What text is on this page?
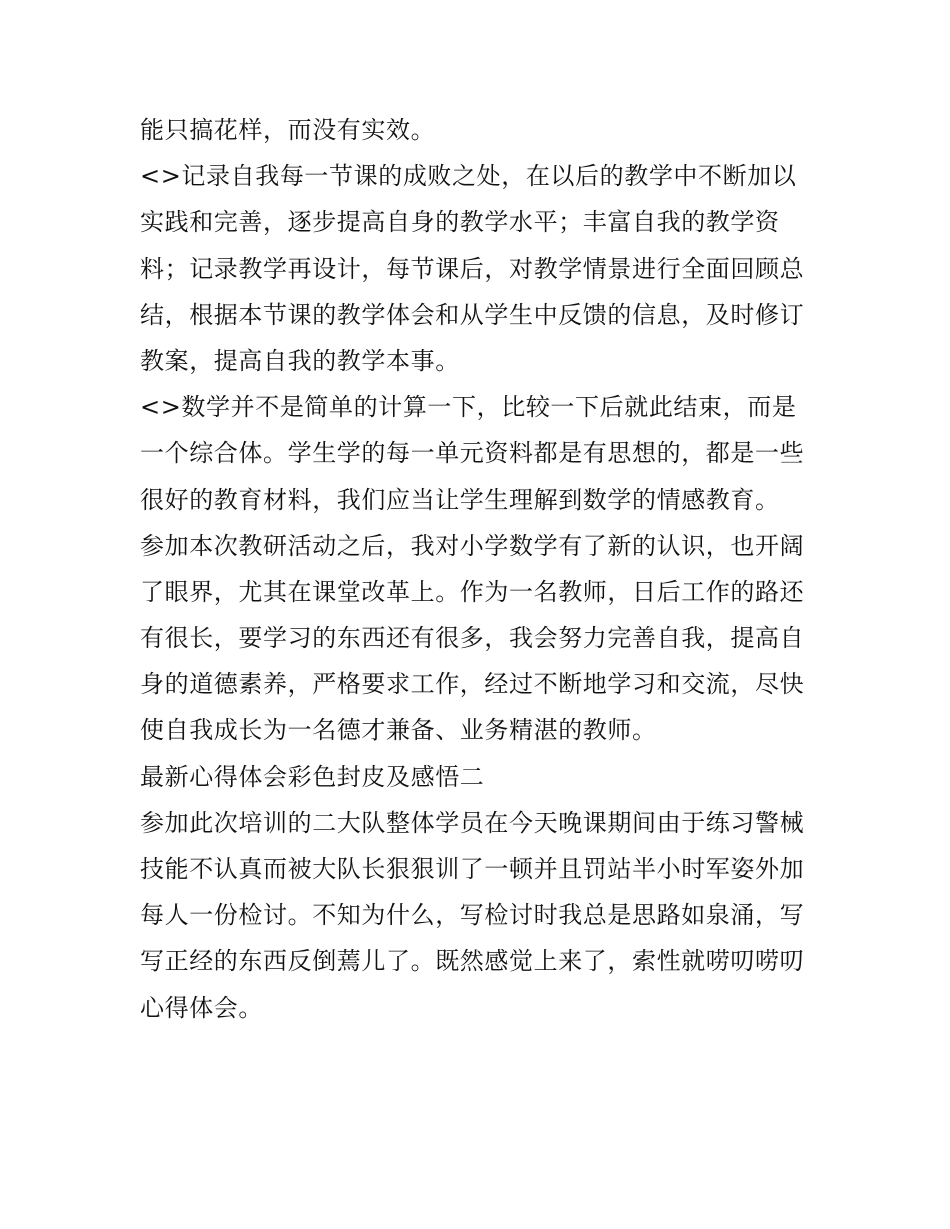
能只搞花样，而没有实效。
<>记录自我每一节课的成败之处，在以后的教学中不断加以
实践和完善，逐步提高自身的教学水平；丰富自我的教学资
料；记录教学再设计，每节课后，对教学情景进行全面回顾总
结，根据本节课的教学体会和从学生中反馈的信息，及时修订
教案，提高自我的教学本事。
<>数学并不是简单的计算一下，比较一下后就此结束，而是
一个综合体。学生学的每一单元资料都是有思想的，都是一些
很好的教育材料，我们应当让学生理解到数学的情感教育。
参加本次教研活动之后，我对小学数学有了新的认识，也开阔
了眼界，尤其在课堂改革上。作为一名教师，日后工作的路还
有很长，要学习的东西还有很多，我会努力完善自我，提高自
身的道德素养，严格要求工作，经过不断地学习和交流，尽快
使自我成长为一名德才兼备、业务精湛的教师。
最新心得体会彩色封皮及感悟二
参加此次培训的二大队整体学员在今天晚课期间由于练习警械
技能不认真而被大队长狠狠训了一顿并且罚站半小时军姿外加
每人一份检讨。不知为什么，写检讨时我总是思路如泉涌，写
写正经的东西反倒蔫儿了。既然感觉上来了，索性就唠叨唠叨
心得体会。
